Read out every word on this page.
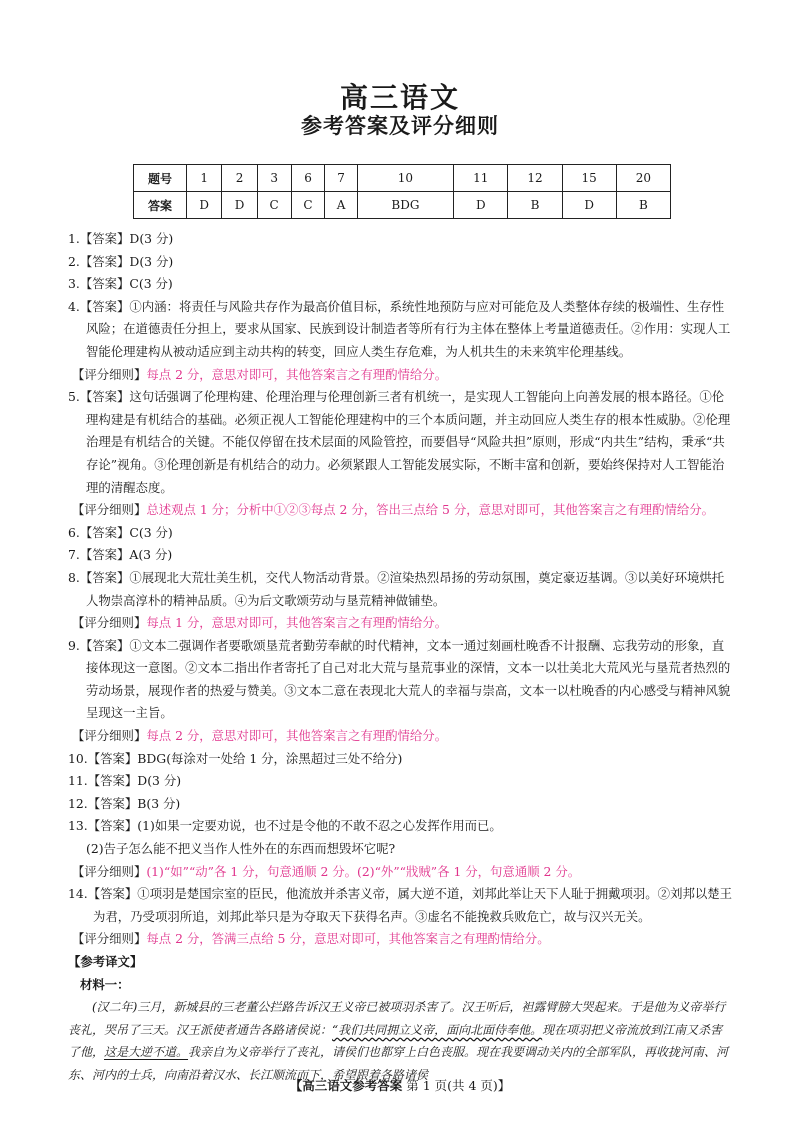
高三语文
参考答案及评分细则
题号	1	2	3	6	7	10	11	12	15	20
答案	D	D	C	C	A	BDG	D	B	D	B

1.【答案】D(3 分)

2.【答案】D(3 分)

3.【答案】C(3 分)

4.【答案】①内涵：将责任与风险共存作为最高价值目标，系统性地预防与应对可能危及人类整体存续的极端性、生存性风险；在道德责任分担上，要求从国家、民族到设计制造者等所有行为主体在整体上考量道德责任。②作用：实现人工智能伦理建构从被动适应到主动共构的转变，回应人类生存危难，为人机共生的未来筑牢伦理基线。

【评分细则】每点 2 分，意思对即可，其他答案言之有理酌情给分。

5.【答案】这句话强调了伦理构建、伦理治理与伦理创新三者有机统一，是实现人工智能向上向善发展的根本路径。①伦理构建是有机结合的基础。必须正视人工智能伦理建构中的三个本质问题，并主动回应人类生存的根本性威胁。②伦理治理是有机结合的关键。不能仅停留在技术层面的风险管控，而要倡导“风险共担”原则，形成“内共生”结构，秉承“共存论”视角。③伦理创新是有机结合的动力。必须紧跟人工智能发展实际，不断丰富和创新，要始终保持对人工智能治理的清醒态度。

【评分细则】总述观点 1 分；分析中①②③每点 2 分，答出三点给 5 分，意思对即可，其他答案言之有理酌情给分。

6.【答案】C(3 分)

7.【答案】A(3 分)

8.【答案】①展现北大荒壮美生机，交代人物活动背景。②渲染热烈昂扬的劳动氛围，奠定豪迈基调。③以美好环境烘托人物崇高淳朴的精神品质。④为后文歌颂劳动与垦荒精神做铺垫。

【评分细则】每点 1 分，意思对即可，其他答案言之有理酌情给分。

9.【答案】①文本二强调作者要歌颂垦荒者勤劳奉献的时代精神，文本一通过刻画杜晚香不计报酬、忘我劳动的形象，直接体现这一意图。②文本二指出作者寄托了自己对北大荒与垦荒事业的深情，文本一以壮美北大荒风光与垦荒者热烈的劳动场景，展现作者的热爱与赞美。③文本二意在表现北大荒人的幸福与崇高，文本一以杜晚香的内心感受与精神风貌呈现这一主旨。

【评分细则】每点 2 分，意思对即可，其他答案言之有理酌情给分。

10.【答案】BDG(每涂对一处给 1 分，涂黑超过三处不给分)

11.【答案】D(3 分)

12.【答案】B(3 分)

13.【答案】(1)如果一定要劝说，也不过是令他的不敢不忍之心发挥作用而已。

(2)告子怎么能不把义当作人性外在的东西而想毁坏它呢?

【评分细则】(1)“如”“动”各 1 分，句意通顺 2 分。(2)“外”“戕贼”各 1 分，句意通顺 2 分。

14.【答案】①项羽是楚国宗室的臣民，他流放并杀害义帝，属大逆不道，刘邦此举让天下人耻于拥戴项羽。②刘邦以楚王为君，乃受项羽所追，刘邦此举只是为夺取天下获得名声。③虚名不能挽救兵败危亡，故与汉兴无关。

【评分细则】每点 2 分，答满三点给 5 分，意思对即可，其他答案言之有理酌情给分。

【参考译文】

材料一：

(汉二年)三月，新城县的三老董公拦路告诉汉王义帝已被项羽杀害了。汉王听后，袒露臂膀大哭起来。于是他为义帝举行丧礼，哭吊了三天。汉王派使者通告各路诸侯说：“我们共同拥立义帝，面向北面侍奉他。现在项羽把义帝流放到江南又杀害了他，这是大逆不道。我亲自为义帝举行了丧礼，请侯们也都穿上白色丧服。现在我要调动关内的全部军队，再收拢河南、河东、河内的士兵，向南沿着汉水、长江顺流而下，希望跟着各路诸侯

【高三语文参考答案 第 1 页(共 4 页)】
